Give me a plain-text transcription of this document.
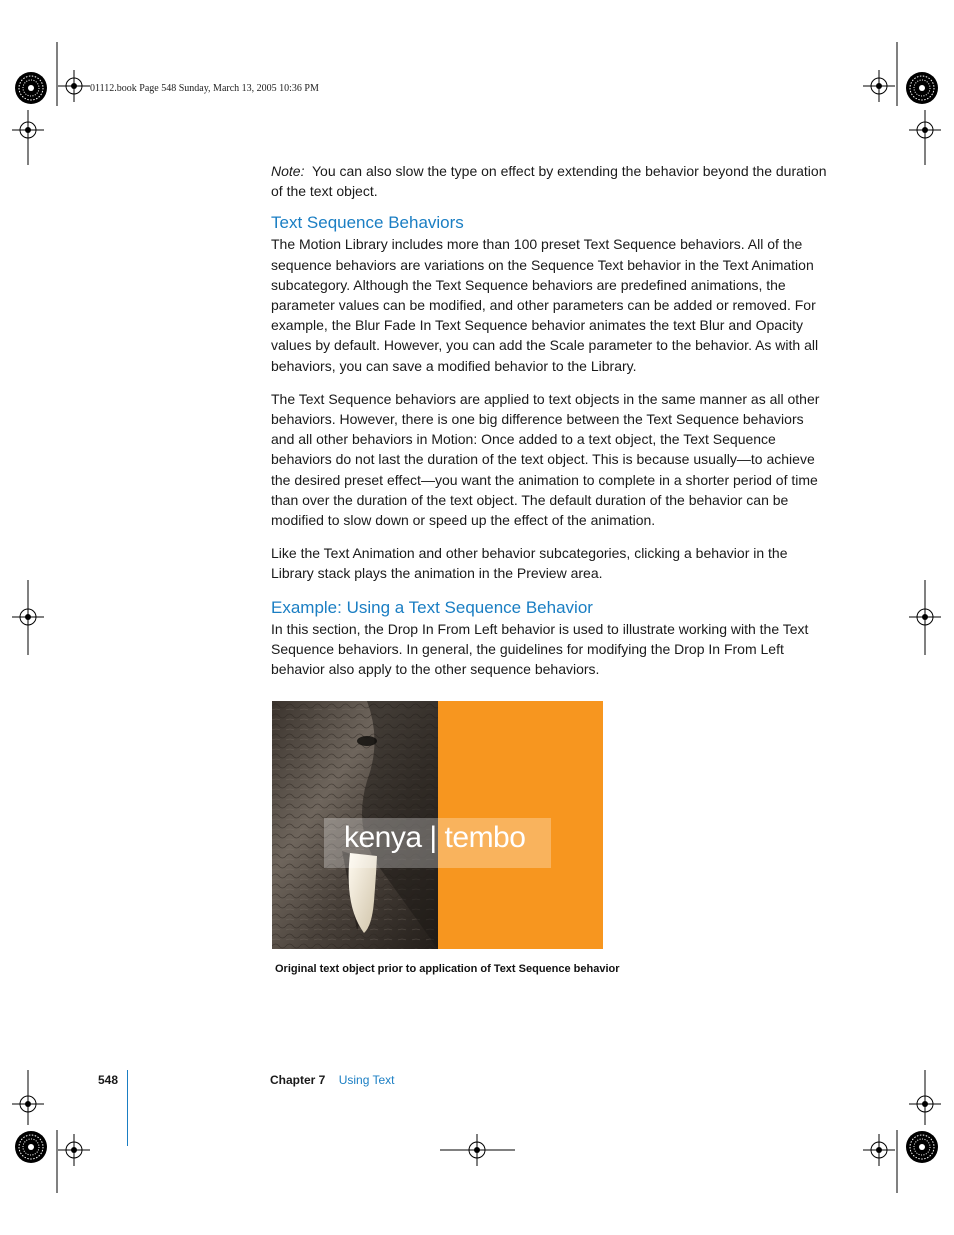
01112.book Page 548 Sunday, March 13, 2005 10:36 PM

Note: You can also slow the type on effect by extending the behavior beyond the duration of the text object.

Text Sequence Behaviors

The Motion Library includes more than 100 preset Text Sequence behaviors. All of the sequence behaviors are variations on the Sequence Text behavior in the Text Animation subcategory. Although the Text Sequence behaviors are predefined animations, the parameter values can be modified, and other parameters can be added or removed. For example, the Blur Fade In Text Sequence behavior animates the text Blur and Opacity values by default. However, you can add the Scale parameter to the behavior. As with all behaviors, you can save a modified behavior to the Library.

The Text Sequence behaviors are applied to text objects in the same manner as all other behaviors. However, there is one big difference between the Text Sequence behaviors and all other behaviors in Motion: Once added to a text object, the Text Sequence behaviors do not last the duration of the text object. This is because usually—to achieve the desired preset effect—you want the animation to complete in a shorter period of time than over the duration of the text object. The default duration of the behavior can be modified to slow down or speed up the effect of the animation.

Like the Text Animation and other behavior subcategories, clicking a behavior in the Library stack plays the animation in the Preview area.

Example: Using a Text Sequence Behavior

In this section, the Drop In From Left behavior is used to illustrate working with the Text Sequence behaviors. In general, the guidelines for modifying the Drop In From Left behavior also apply to the other sequence behaviors.

kenya | tembo
Original text object prior to application of Text Sequence behavior
548	Chapter 7 Using Text
